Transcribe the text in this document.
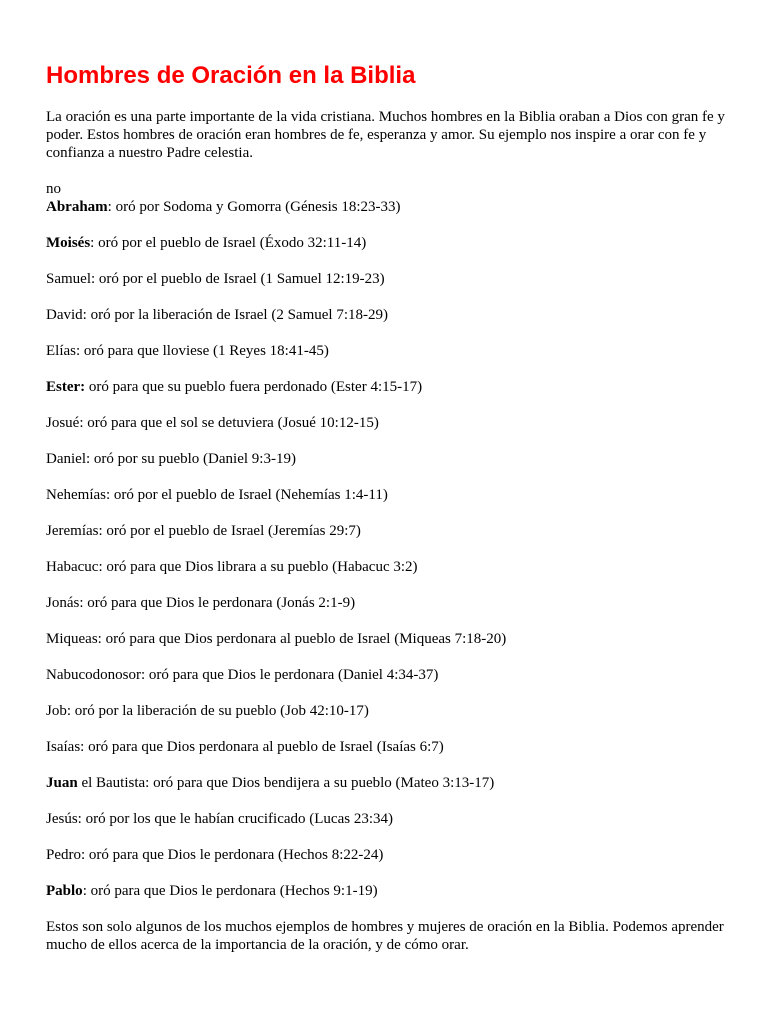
Hombres de Oración en la Biblia

La oración es una parte importante de la vida cristiana. Muchos hombres en la Biblia oraban a Dios con gran fe y poder. Estos hombres de oración eran hombres de fe, esperanza y amor. Su ejemplo nos inspire a orar con fe y confianza a nuestro Padre celestia.

no

Abraham: oró por Sodoma y Gomorra (Génesis 18:23-33)

Moisés: oró por el pueblo de Israel (Éxodo 32:11-14)

Samuel: oró por el pueblo de Israel (1 Samuel 12:19-23)

David: oró por la liberación de Israel (2 Samuel 7:18-29)

Elías: oró para que lloviese (1 Reyes 18:41-45)

Ester: oró para que su pueblo fuera perdonado (Ester 4:15-17)

Josué: oró para que el sol se detuviera (Josué 10:12-15)

Daniel: oró por su pueblo (Daniel 9:3-19)

Nehemías: oró por el pueblo de Israel (Nehemías 1:4-11)

Jeremías: oró por el pueblo de Israel (Jeremías 29:7)

Habacuc: oró para que Dios librara a su pueblo (Habacuc 3:2)

Jonás: oró para que Dios le perdonara (Jonás 2:1-9)

Miqueas: oró para que Dios perdonara al pueblo de Israel (Miqueas 7:18-20)

Nabucodonosor: oró para que Dios le perdonara (Daniel 4:34-37)

Job: oró por la liberación de su pueblo (Job 42:10-17)

Isaías: oró para que Dios perdonara al pueblo de Israel (Isaías 6:7)

Juan el Bautista: oró para que Dios bendijera a su pueblo (Mateo 3:13-17)

Jesús: oró por los que le habían crucificado (Lucas 23:34)

Pedro: oró para que Dios le perdonara (Hechos 8:22-24)

Pablo: oró para que Dios le perdonara (Hechos 9:1-19)

Estos son solo algunos de los muchos ejemplos de hombres y mujeres de oración en la Biblia. Podemos aprender mucho de ellos acerca de la importancia de la oración, y de cómo orar.
